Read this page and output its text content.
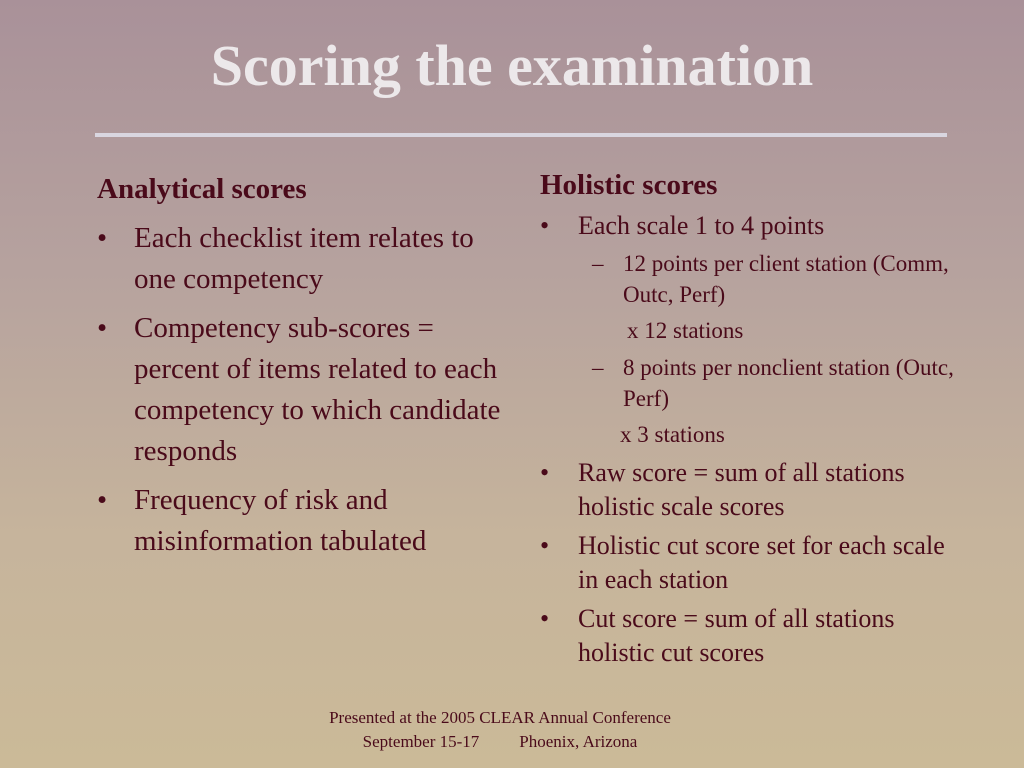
Scoring the examination
Analytical scores
• Each checklist item relates to one competency
• Competency sub-scores = percent of items related to each competency to which candidate responds
• Frequency of risk and misinformation tabulated
Holistic scores
• Each scale 1 to 4 points
– 12 points per client station (Comm, Outc, Perf)
x 12 stations
– 8 points per nonclient station (Outc, Perf)
x 3 stations
• Raw score = sum of all stations holistic scale scores
• Holistic cut score set for each scale in each station
• Cut score = sum of all stations holistic cut scores
Presented at the 2005 CLEAR Annual Conference
September 15-17 Phoenix, Arizona
